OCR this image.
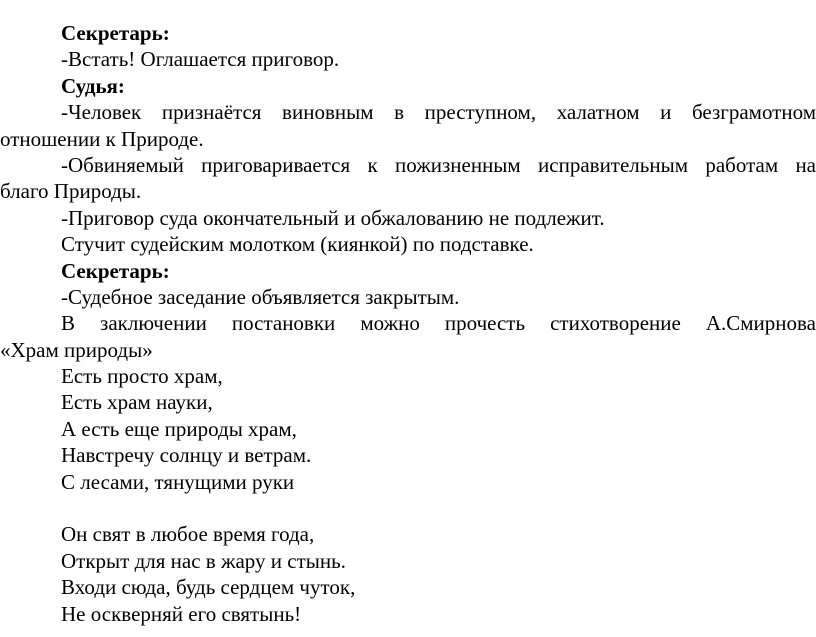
Секретарь:
-Встать! Оглашается приговор.
Судья:
-Человек признаётся виновным в преступном, халатном и безграмотном
отношении к Природе.
-Обвиняемый приговаривается к пожизненным исправительным работам на
благо Природы.
-Приговор суда окончательный и обжалованию не подлежит.
Стучит судейским молотком (киянкой) по подставке.
Секретарь:
-Судебное заседание объявляется закрытым.
В заключении постановки можно прочесть стихотворение А.Смирнова
«Храм природы»
Есть просто храм,
Есть храм науки,
А есть еще природы храм,
Навстречу солнцу и ветрам.
С лесами, тянущими руки
Он свят в любое время года,
Открыт для нас в жару и стынь.
Входи сюда, будь сердцем чуток,
Не оскверняй его святынь!
